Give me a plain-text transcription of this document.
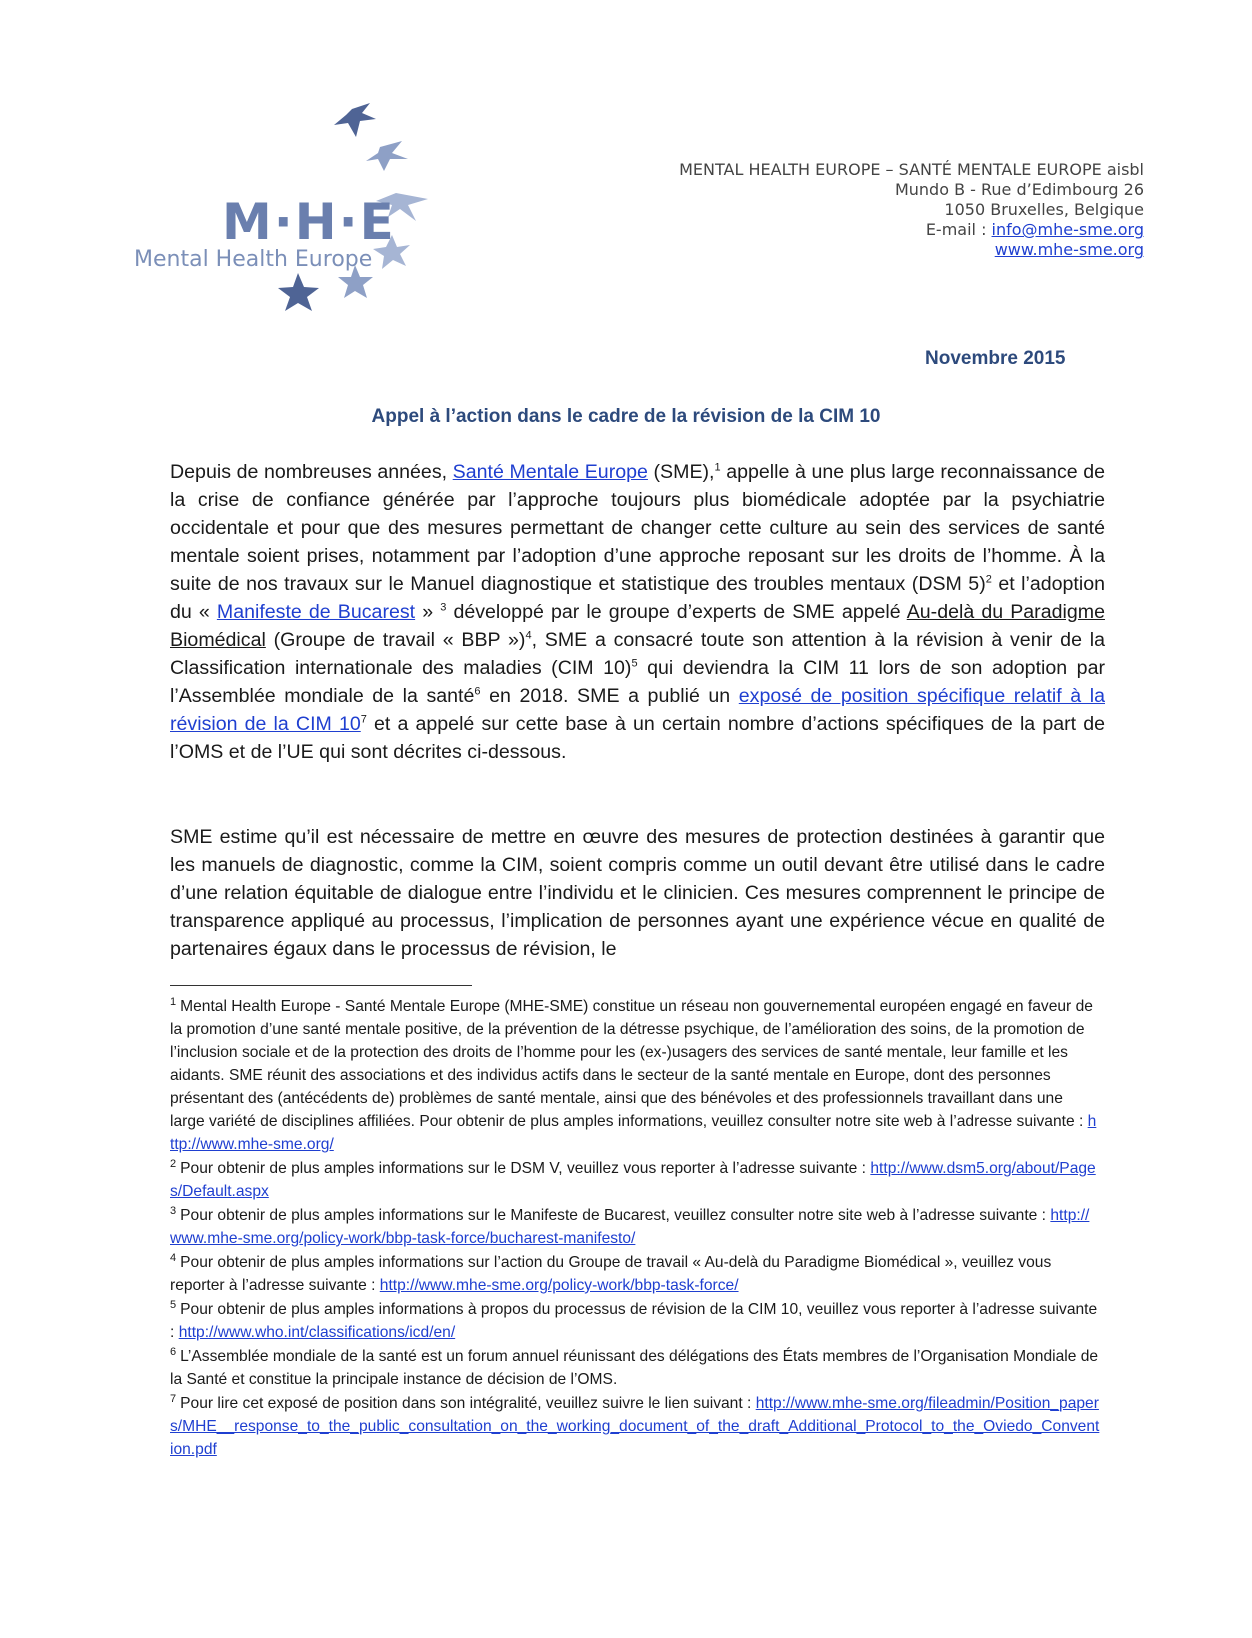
M·H·E
Mental Health Europe
MENTAL HEALTH EUROPE – SANTÉ MENTALE EUROPE aisbl
Mundo B - Rue d’Edimbourg 26
1050 Bruxelles, Belgique
E-mail : info@mhe-sme.org
www.mhe-sme.org
Novembre 2015
Appel à l’action dans le cadre de la révision de la CIM 10
Depuis de nombreuses années, Santé Mentale Europe (SME),$^1$ appelle à une plus large reconnaissance de la crise de confiance générée par l’approche toujours plus biomédicale adoptée par la psychiatrie occidentale et pour que des mesures permettant de changer cette culture au sein des services de santé mentale soient prises, notamment par l’adoption d’une approche reposant sur les droits de l’homme. À la suite de nos travaux sur le Manuel diagnostique et statistique des troubles mentaux (DSM 5)$^2$ et l’adoption du « Manifeste de Bucarest » $^3$ développé par le groupe d’experts de SME appelé Au-delà du Paradigme Biomédical (Groupe de travail « BBP »)$^4$, SME a consacré toute son attention à la révision à venir de la Classification internationale des maladies (CIM 10)$^5$ qui deviendra la CIM 11 lors de son adoption par l’Assemblée mondiale de la santé$^6$ en 2018. SME a publié un exposé de position spécifique relatif à la révision de la CIM $10^7$ et a appelé sur cette base à un certain nombre d’actions spécifiques de la part de l’OMS et de l’UE qui sont décrites ci-dessous.
SME estime qu’il est nécessaire de mettre en œuvre des mesures de protection destinées à garantir que les manuels de diagnostic, comme la CIM, soient compris comme un outil devant être utilisé dans le cadre d’une relation équitable de dialogue entre l’individu et le clinicien. Ces mesures comprennent le principe de transparence appliqué au processus, l’implication de personnes ayant une expérience vécue en qualité de partenaires égaux dans le processus de révision, le
$^1$ Mental Health Europe - Santé Mentale Europe (MHE-SME) constitue un réseau non gouvernemental européen engagé en faveur de la promotion d’une santé mentale positive, de la prévention de la détresse psychique, de l’amélioration des soins, de la promotion de l’inclusion sociale et de la protection des droits de l’homme pour les (ex-)usagers des services de santé mentale, leur famille et les aidants. SME réunit des associations et des individus actifs dans le secteur de la santé mentale en Europe, dont des personnes présentant des (antécédents de) problèmes de santé mentale, ainsi que des bénévoles et des professionnels travaillant dans une large variété de disciplines affiliées. Pour obtenir de plus amples informations, veuillez consulter notre site web à l’adresse suivante : http://www.mhe-sme.org/
$^2$ Pour obtenir de plus amples informations sur le DSM V, veuillez vous reporter à l’adresse suivante : http://www.dsm5.org/about/Pages/Default.aspx
$^3$ Pour obtenir de plus amples informations sur le Manifeste de Bucarest, veuillez consulter notre site web à l’adresse suivante : http://www.mhe-sme.org/policy-work/bbp-task-force/bucharest-manifesto/
$^4$ Pour obtenir de plus amples informations sur l’action du Groupe de travail « Au-delà du Paradigme Biomédical », veuillez vous reporter à l’adresse suivante : http://www.mhe-sme.org/policy-work/bbp-task-force/
$^5$ Pour obtenir de plus amples informations à propos du processus de révision de la CIM 10, veuillez vous reporter à l’adresse suivante : http://www.who.int/classifications/icd/en/
$^6$ L’Assemblée mondiale de la santé est un forum annuel réunissant des délégations des États membres de l’Organisation Mondiale de la Santé et constitue la principale instance de décision de l’OMS.
$^7$ Pour lire cet exposé de position dans son intégralité, veuillez suivre le lien suivant : http://www.mhe-sme.org/fileadmin/Position_papers/MHE__response_to_the_public_consultation_on_the_working_document_of_the_draft_Additional_Protocol_to_the_Oviedo_Convention.pdf
